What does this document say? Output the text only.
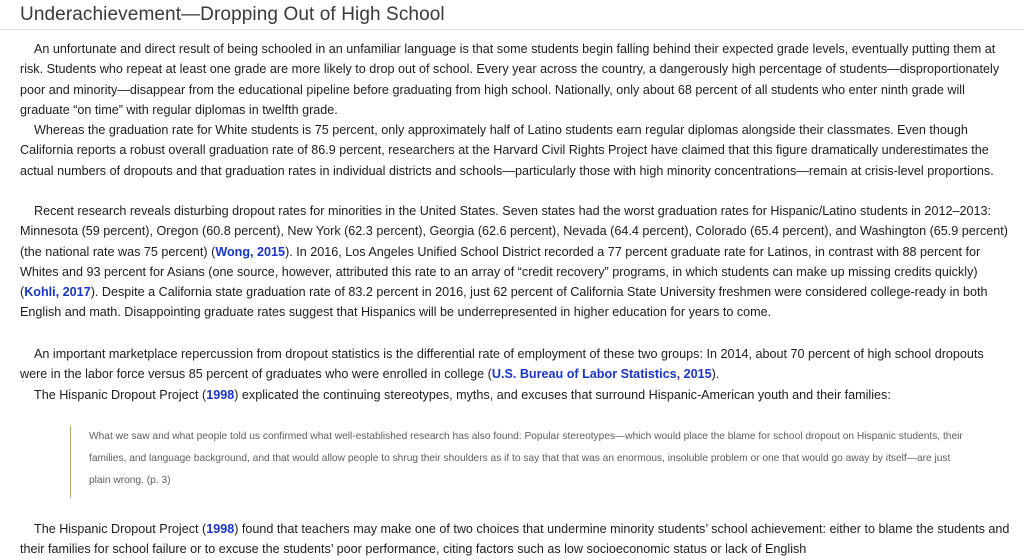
Underachievement—Dropping Out of High School

An unfortunate and direct result of being schooled in an unfamiliar language is that some students begin falling behind their expected grade levels, eventually putting them at risk. Students who repeat at least one grade are more likely to drop out of school. Every year across the country, a dangerously high percentage of students—disproportionately poor and minority—disappear from the educational pipeline before graduating from high school. Nationally, only about 68 percent of all students who enter ninth grade will graduate “on time” with regular diplomas in twelfth grade.

Whereas the graduation rate for White students is 75 percent, only approximately half of Latino students earn regular diplomas alongside their classmates. Even though California reports a robust overall graduation rate of 86.9 percent, researchers at the Harvard Civil Rights Project have claimed that this figure dramatically underestimates the actual numbers of dropouts and that graduation rates in individual districts and schools—particularly those with high minority concentrations—remain at crisis-level proportions.

Recent research reveals disturbing dropout rates for minorities in the United States. Seven states had the worst graduation rates for Hispanic/Latino students in 2012–2013: Minnesota (59 percent), Oregon (60.8 percent), New York (62.3 percent), Georgia (62.6 percent), Nevada (64.4 percent), Colorado (65.4 percent), and Washington (65.9 percent) (the national rate was 75 percent) (Wong, 2015). In 2016, Los Angeles Unified School District recorded a 77 percent graduate rate for Latinos, in contrast with 88 percent for Whites and 93 percent for Asians (one source, however, attributed this rate to an array of “credit recovery” programs, in which students can make up missing credits quickly) (Kohli, 2017). Despite a California state graduation rate of 83.2 percent in 2016, just 62 percent of California State University freshmen were considered college-ready in both English and math. Disappointing graduate rates suggest that Hispanics will be underrepresented in higher education for years to come.

An important marketplace repercussion from dropout statistics is the differential rate of employment of these two groups: In 2014, about 70 percent of high school dropouts were in the labor force versus 85 percent of graduates who were enrolled in college (U.S. Bureau of Labor Statistics, 2015).

The Hispanic Dropout Project (1998) explicated the continuing stereotypes, myths, and excuses that surround Hispanic-American youth and their families:

What we saw and what people told us confirmed what well-established research has also found: Popular stereotypes—which would place the blame for school dropout on Hispanic students, their families, and language background, and that would allow people to shrug their shoulders as if to say that that was an enormous, insoluble problem or one that would go away by itself—are just plain wrong. (p. 3)

The Hispanic Dropout Project (1998) found that teachers may make one of two choices that undermine minority students’ school achievement: either to blame the students and their families for school failure or to excuse the students’ poor performance, citing factors such as low socioeconomic status or lack of English
